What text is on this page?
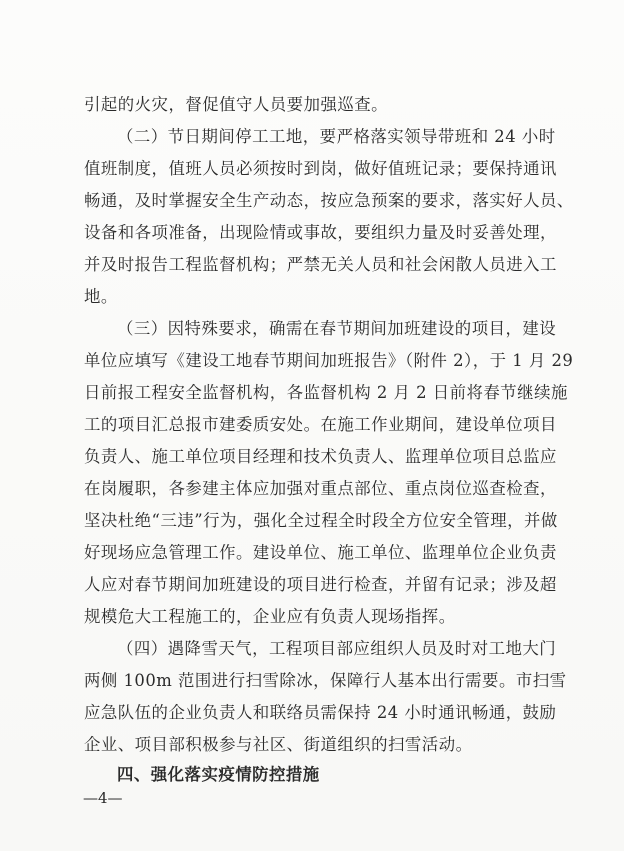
引起的火灾，督促值守人员要加强巡查。
（二）节日期间停工工地，要严格落实领导带班和 24 小时
值班制度，值班人员必须按时到岗，做好值班记录；要保持通讯
畅通，及时掌握安全生产动态，按应急预案的要求，落实好人员、
设备和各项准备，出现险情或事故，要组织力量及时妥善处理，
并及时报告工程监督机构；严禁无关人员和社会闲散人员进入工
地。
（三）因特殊要求，确需在春节期间加班建设的项目，建设
单位应填写《建设工地春节期间加班报告》（附件 2），于 1 月 29
日前报工程安全监督机构，各监督机构 2 月 2 日前将春节继续施
工的项目汇总报市建委质安处。在施工作业期间，建设单位项目
负责人、施工单位项目经理和技术负责人、监理单位项目总监应
在岗履职，各参建主体应加强对重点部位、重点岗位巡查检查，
坚决杜绝“三违”行为，强化全过程全时段全方位安全管理，并做
好现场应急管理工作。建设单位、施工单位、监理单位企业负责
人应对春节期间加班建设的项目进行检查，并留有记录；涉及超
规模危大工程施工的，企业应有负责人现场指挥。
（四）遇降雪天气，工程项目部应组织人员及时对工地大门
两侧 100m 范围进行扫雪除冰，保障行人基本出行需要。市扫雪
应急队伍的企业负责人和联络员需保持 24 小时通讯畅通，鼓励
企业、项目部积极参与社区、街道组织的扫雪活动。
四、强化落实疫情防控措施
—4—
